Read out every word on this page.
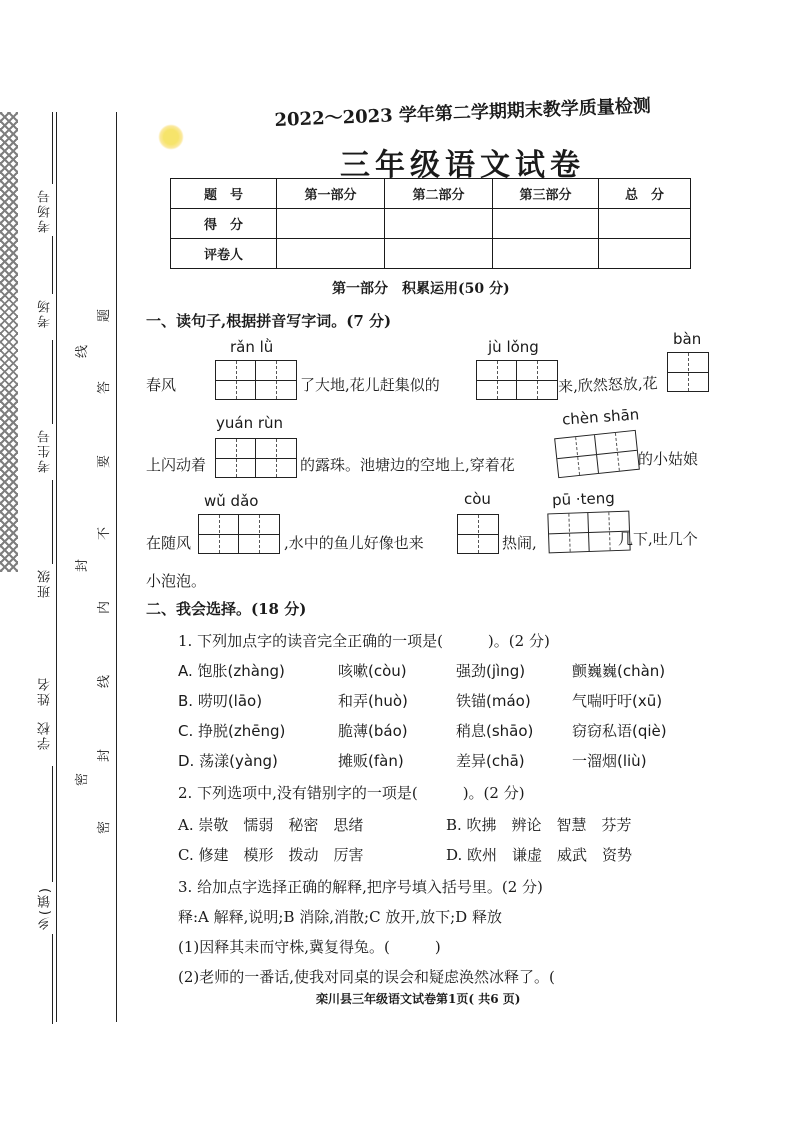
考场号
考场
考生号
班级
姓名
学校
乡(镇)
题
答
要
不
内
线
封
密
线
封
密
2022～2023 学年第二学期期末教学质量检测
三年级语文试卷
题　号	第一部分	第二部分	第三部分	总　分
得　分				
评卷人				
第一部分　积累运用(50 分)
一、读句子,根据拼音写字词。(7 分)
rǎn lǜ	jù lǒng	bàn
春风	了大地,花儿赶集似的	来,欣然怒放,花
yuán rùn	chèn shān
上闪动着	的露珠。池塘边的空地上,穿着花	的小姑娘
wǔ dǎo	còu	pū ·teng
在随风	,水中的鱼儿好像也来	热闹,	几下,吐几个
小泡泡。
二、我会选择。(18 分)
1. 下列加点字的读音完全正确的一项是(　　　)。(2 分)
A. 饱胀(zhàng)	咳嗽(còu)	强劲(jìng)	颤巍巍(chàn)
B. 唠叨(lāo)	和弄(huò)	铁锚(máo)	气喘吁吁(xū)
C. 挣脱(zhēng)	脆薄(báo)	稍息(shāo)	窃窃私语(qiè)
D. 荡漾(yàng)	摊贩(fàn)	差异(chā)	一溜烟(liù)
2. 下列选项中,没有错别字的一项是(　　　)。(2 分)
A. 崇敬　懦弱　秘密　思绪	B. 吹拂　辨论　智慧　芬芳
C. 修建　模形　拨动　厉害	D. 欧州　谦虚　威武　资势
3. 给加点字选择正确的解释,把序号填入括号里。(2 分)
释:A 解释,说明;B 消除,消散;C 放开,放下;D 释放
(1)因释其耒而守株,冀复得兔。(　　　)
(2)老师的一番话,使我对同桌的误会和疑虑涣然冰释了。(
栾川县三年级语文试卷第1页( 共6 页)
